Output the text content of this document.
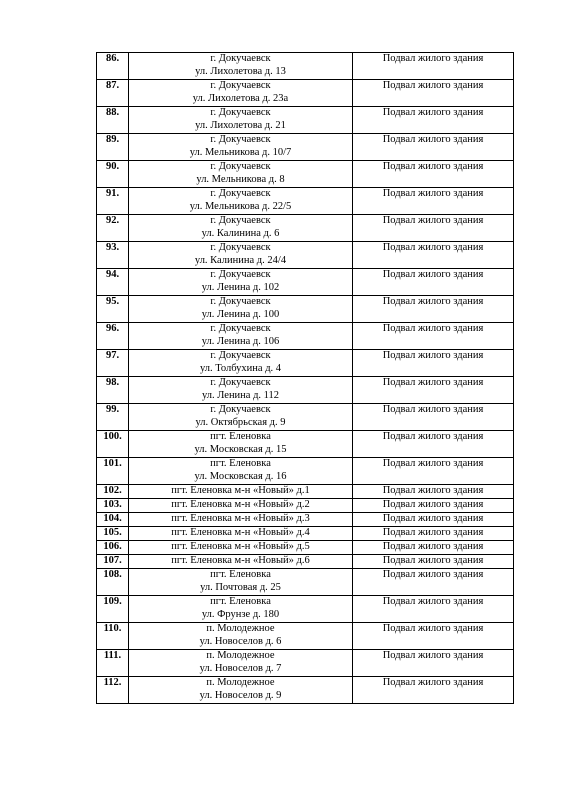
86.	г. Докучаевск
ул. Лихолетова д. 13	Подвал жилого здания
87.	г. Докучаевск
ул. Лихолетова д. 23а	Подвал жилого здания
88.	г. Докучаевск
ул. Лихолетова д. 21	Подвал жилого здания
89.	г. Докучаевск
ул. Мельникова д. 10/7	Подвал жилого здания
90.	г. Докучаевск
ул. Мельникова д. 8	Подвал жилого здания
91.	г. Докучаевск
ул. Мельникова д. 22/5	Подвал жилого здания
92.	г. Докучаевск
ул. Калинина д. 6	Подвал жилого здания
93.	г. Докучаевск
ул. Калинина д. 24/4	Подвал жилого здания
94.	г. Докучаевск
ул. Ленина д. 102	Подвал жилого здания
95.	г. Докучаевск
ул. Ленина д. 100	Подвал жилого здания
96.	г. Докучаевск
ул. Ленина д. 106	Подвал жилого здания
97.	г. Докучаевск
ул. Толбухина д. 4	Подвал жилого здания
98.	г. Докучаевск
ул. Ленина д. 112	Подвал жилого здания
99.	г. Докучаевск
ул. Октябрьская д. 9	Подвал жилого здания
100.	пгт. Еленовка
ул. Московская д. 15	Подвал жилого здания
101.	пгт. Еленовка
ул. Московская д. 16	Подвал жилого здания
102.	пгт. Еленовка м-н «Новый» д.1	Подвал жилого здания
103.	пгт. Еленовка м-н «Новый» д.2	Подвал жилого здания
104.	пгт. Еленовка м-н «Новый» д.3	Подвал жилого здания
105.	пгт. Еленовка м-н «Новый» д.4	Подвал жилого здания
106.	пгт. Еленовка м-н «Новый» д.5	Подвал жилого здания
107.	пгт. Еленовка м-н «Новый» д.6	Подвал жилого здания
108.	пгт. Еленовка
ул. Почтовая д. 25	Подвал жилого здания
109.	пгт. Еленовка
ул. Фрунзе д. 180	Подвал жилого здания
110.	п. Молодежное
ул. Новоселов д. 6	Подвал жилого здания
111.	п. Молодежное
ул. Новоселов д. 7	Подвал жилого здания
112.	п. Молодежное
ул. Новоселов д. 9	Подвал жилого здания
